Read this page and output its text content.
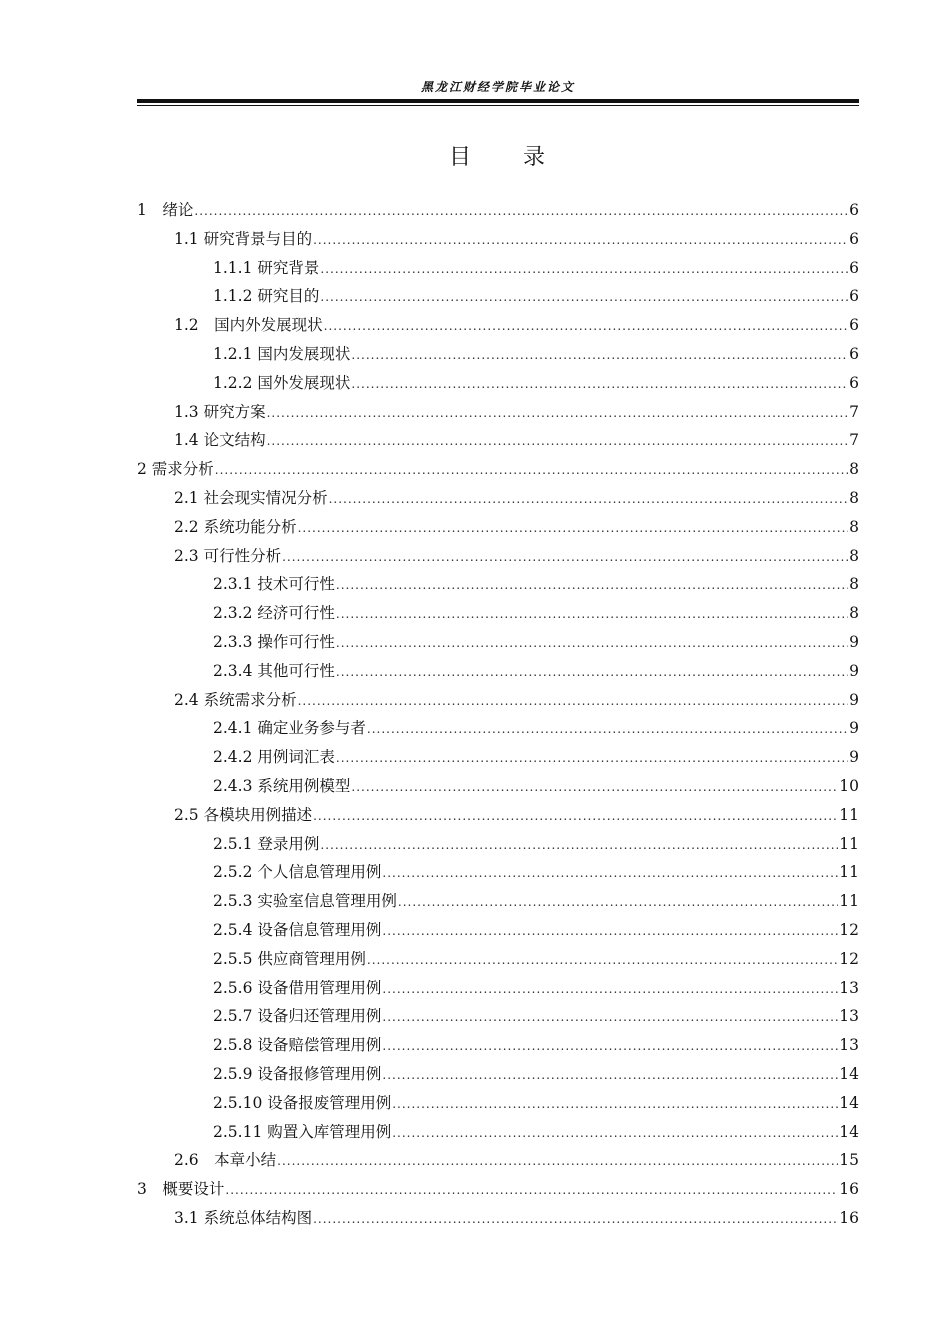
黑龙江财经学院毕业论文
目 录
1　绪论 .....	6
1.1 研究背景与目的 .....	6
1.1.1 研究背景 .....	6
1.1.2 研究目的 .....	6
1.2　国内外发展现状 .....	6
1.2.1 国内发展现状 .....	6
1.2.2 国外发展现状 .....	6
1.3 研究方案 .....	7
1.4 论文结构 .....	7
2 需求分析 .....	8
2.1 社会现实情况分析 .....	8
2.2 系统功能分析 .....	8
2.3 可行性分析 .....	8
2.3.1 技术可行性 .....	8
2.3.2 经济可行性 .....	8
2.3.3 操作可行性 .....	9
2.3.4 其他可行性 .....	9
2.4 系统需求分析 .....	9
2.4.1 确定业务参与者 .....	9
2.4.2 用例词汇表 .....	9
2.4.3 系统用例模型 .....	10
2.5 各模块用例描述 .....	11
2.5.1 登录用例 .....	11
2.5.2 个人信息管理用例 .....	11
2.5.3 实验室信息管理用例 .....	11
2.5.4 设备信息管理用例 .....	12
2.5.5 供应商管理用例 .....	12
2.5.6 设备借用管理用例 .....	13
2.5.7 设备归还管理用例 .....	13
2.5.8 设备赔偿管理用例 .....	13
2.5.9 设备报修管理用例 .....	14
2.5.10 设备报废管理用例 .....	14
2.5.11 购置入库管理用例 .....	14
2.6　本章小结 .....	15
3　概要设计 .....	16
3.1 系统总体结构图 .....	16
